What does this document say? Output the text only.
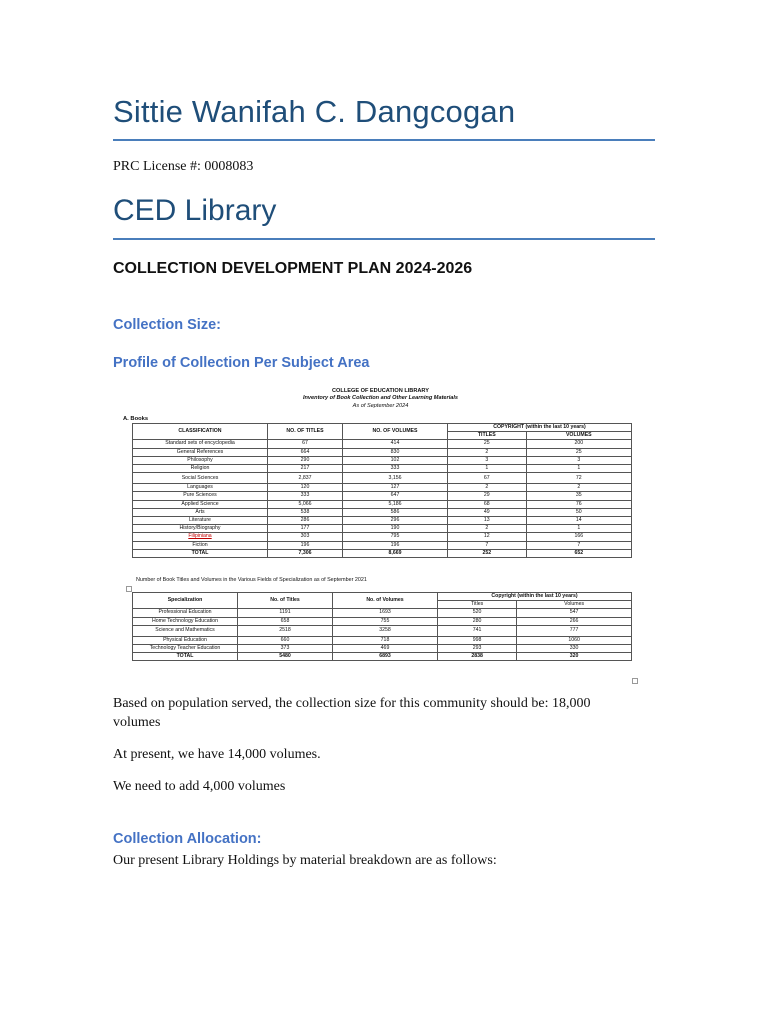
Sittie Wanifah C. Dangcogan
PRC License #: 0008083
CED Library
COLLECTION DEVELOPMENT PLAN 2024-2026
Collection Size:
Profile of Collection Per Subject Area

Based on population served, the collection size for this community should be: 18,000 volumes

At present, we have 14,000 volumes.

We need to add 4,000 volumes

Collection Allocation:

Our present Library Holdings by material breakdown are as follows:

COLLEGE OF EDUCATION LIBRARY
Inventory of Book Collection and Other Learning Materials
As of September 2024
A. Books
CLASSIFICATION	NO. OF TITLES	NO. OF VOLUMES	COPYRIGHT (within the last 10 years)	
			TITLES	VOLUMES
Standard sets of encyclopedia	67	414	25	200
General References	664	830	2	25
Philosophy	290	102	3	3
Religion	217	333	1	1
Social Sciences	2,837	3,156	67	72
Languages	120	127	2	2
Pure Sciences	333	647	29	35
Applied Science	5,066	5,186	68	76
Arts	538	586	49	50
Literature	286	296	13	14
History/Biography	177	190	2	1
Filipiniana	303	795	12	166
Fiction	196	196	7	7
TOTAL	7,306	8,669	252	652
Number of Book Titles and Volumes in the Various Fields of Specialization as of September 2021
Specialization	No. of Titles	No. of Volumes	Copyright (within the last 10 years)	
			Titles	Volumes
Professional Education	1191	1693	520	547
Home Technology Education	658	755	280	266
Science and Mathematics	2518	3258	741	777
Physical Education	660	718	998	1060
Technology Teacher Education	373	469	293	330
TOTAL	5480	6893	2838	320
